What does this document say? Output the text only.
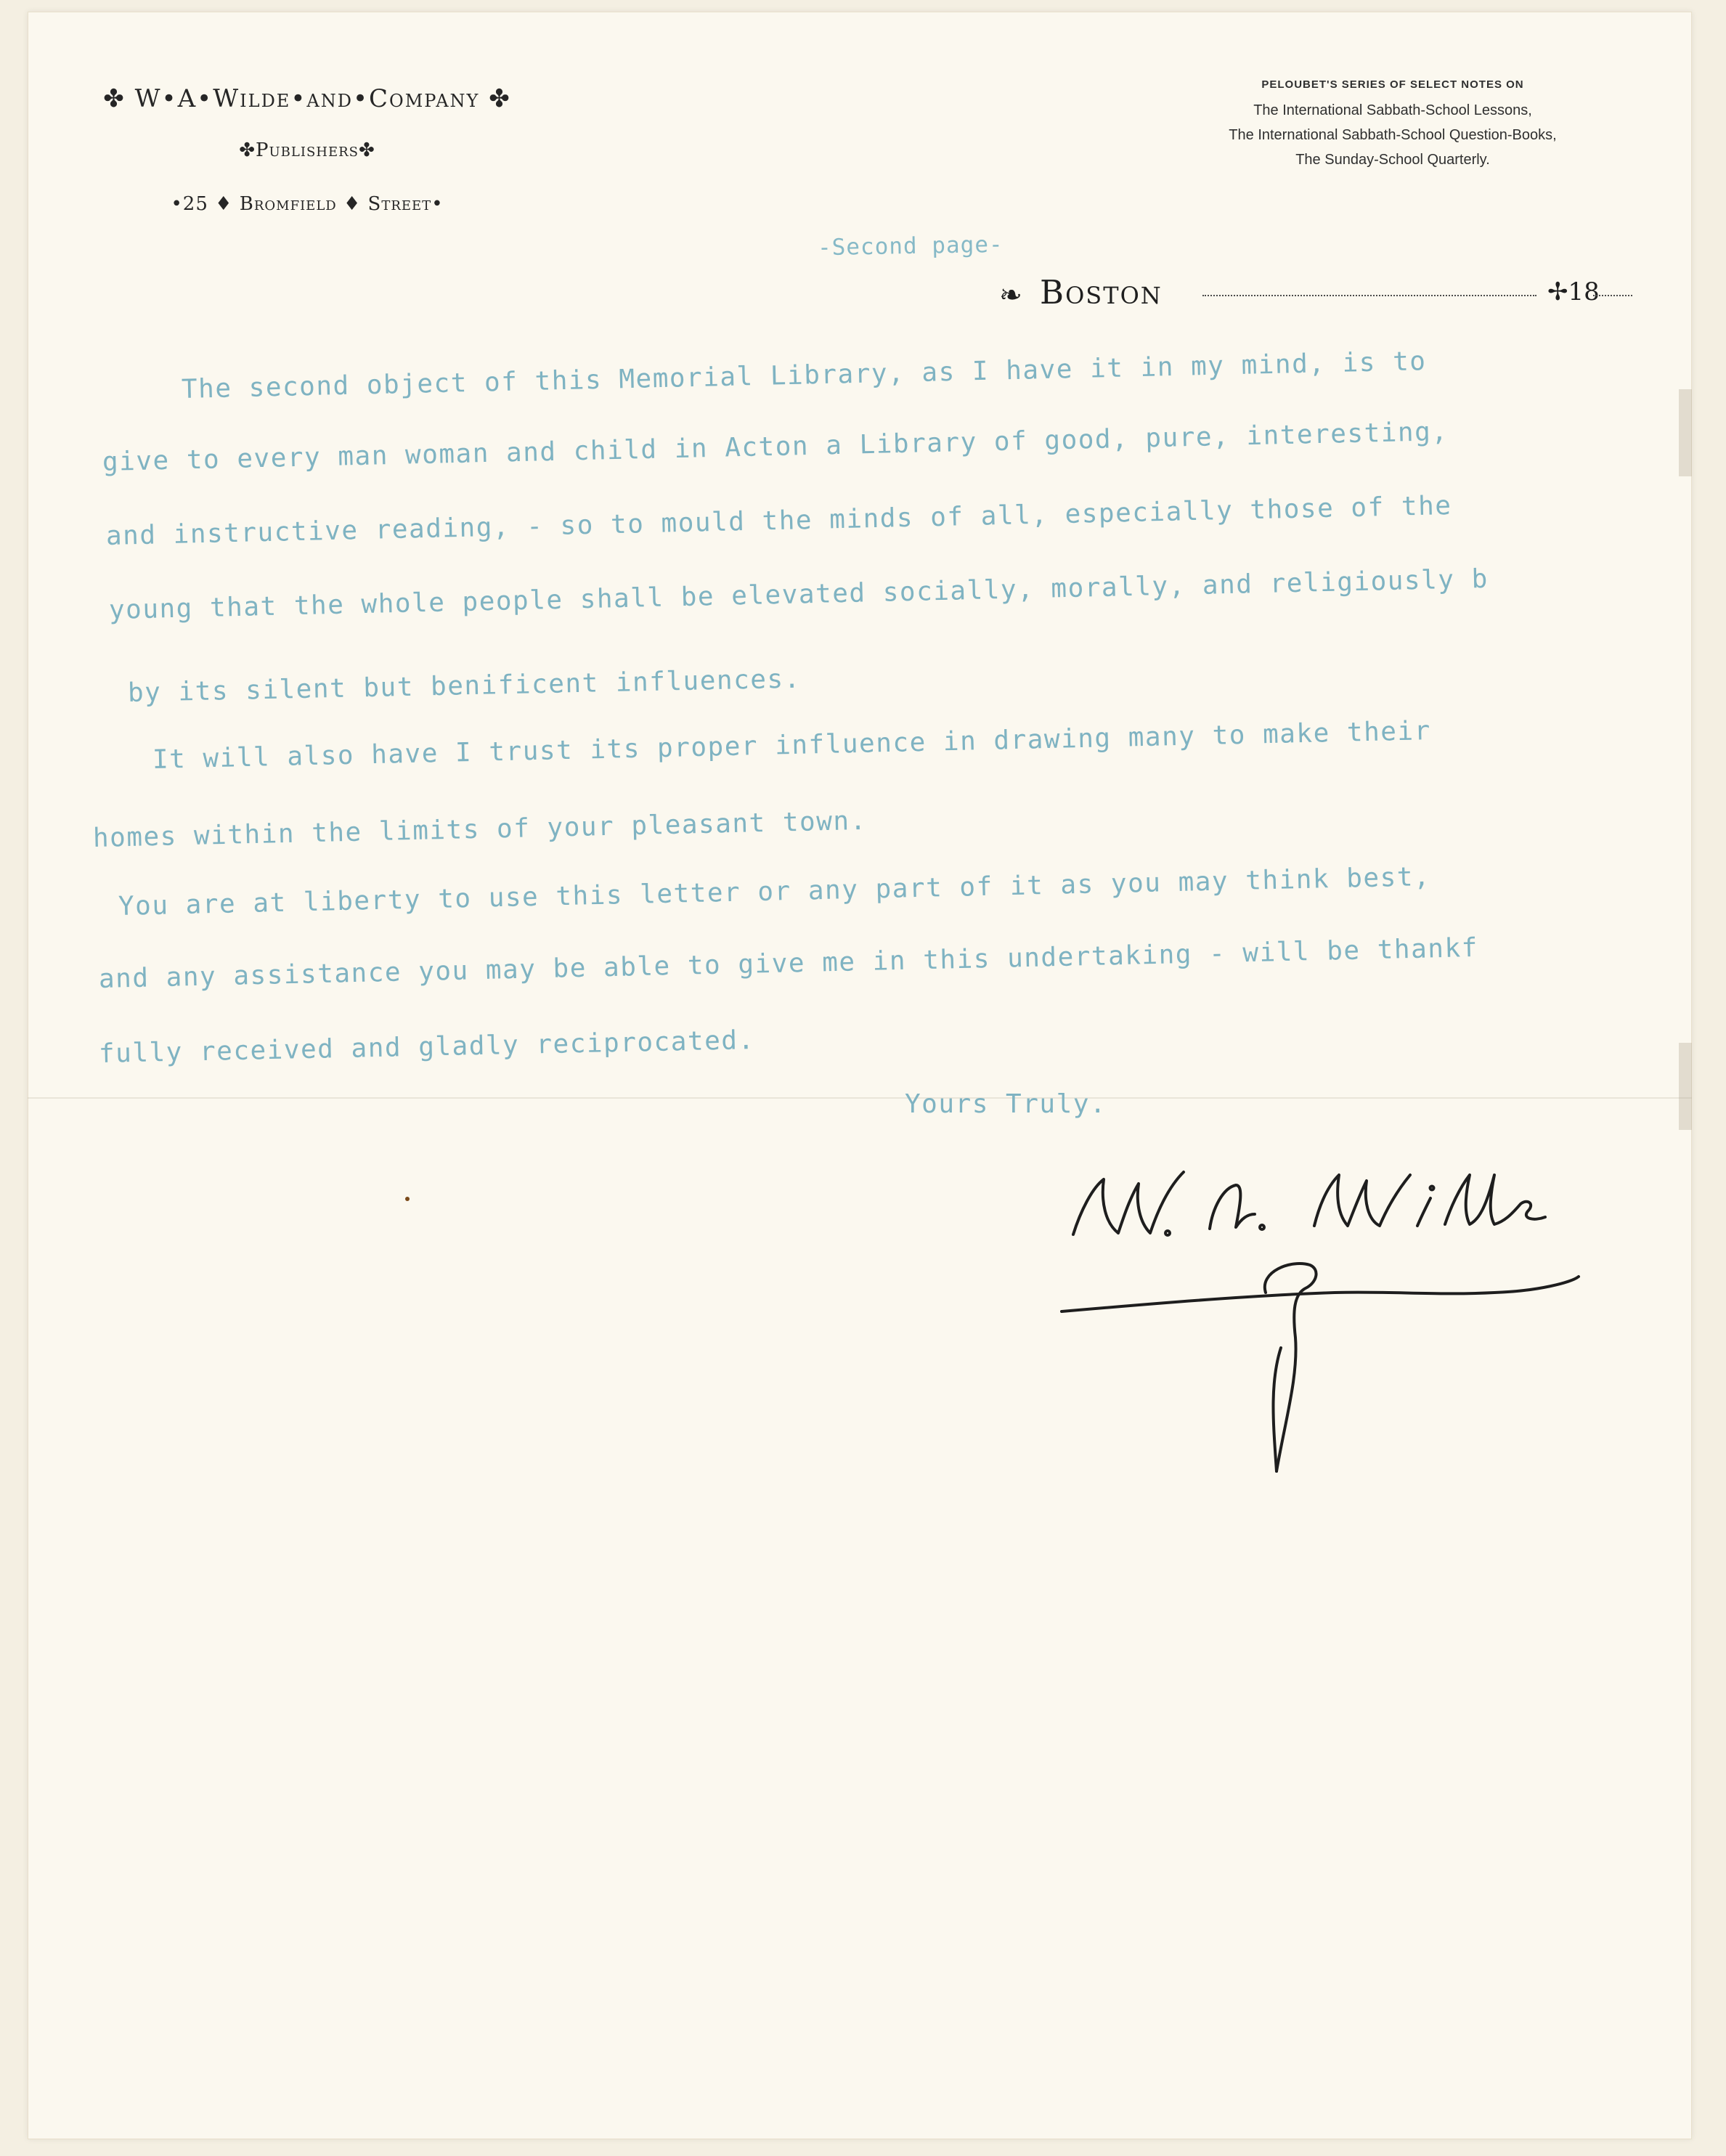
✤ W•A•Wilde•and•Company ✤
✤Publishers✤
•25 ♦ Bromfield ♦ Street•
PELOUBET'S SERIES OF SELECT NOTES ON
The International Sabbath-School Lessons,
The International Sabbath-School Question-Books,
The Sunday-School Quarterly.
-Second page-
❧ Boston	✢18
The second object of this Memorial Library, as I have it in my mind, is to
give to every man woman and child in Acton a Library of good, pure, interesting,
and instructive reading, - so to mould the minds of all, especially those of the
young that the whole people shall be elevated socially, morally, and religiously b
by its silent but benificent influences.
It will also have I trust its proper influence in drawing many to make their
homes within the limits of your pleasant town.
You are at liberty to use this letter or any part of it as you may think best,
and any assistance you may be able to give me in this undertaking - will be thankf
fully received and gladly reciprocated.
Yours Truly.
W. A. Wilde
